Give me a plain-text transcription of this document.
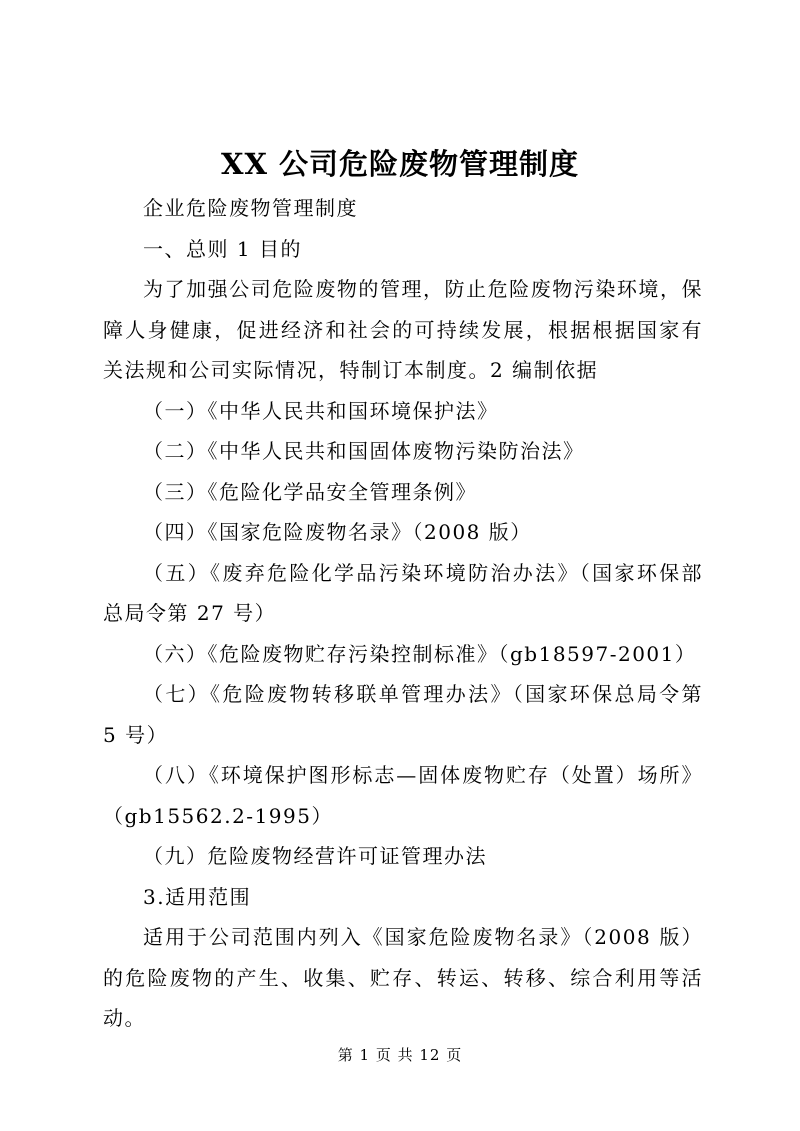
XX 公司危险废物管理制度

企业危险废物管理制度

一、总则 1 目的

为了加强公司危险废物的管理，防止危险废物污染环境，保障人身健康，促进经济和社会的可持续发展，根据根据国家有关法规和公司实际情况，特制订本制度。2 编制依据

（一）《中华人民共和国环境保护法》

（二）《中华人民共和国固体废物污染防治法》

（三）《危险化学品安全管理条例》

（四）《国家危险废物名录》（2008 版）

（五）《废弃危险化学品污染环境防治办法》（国家环保部总局令第 27 号）

（六）《危险废物贮存污染控制标准》（gb18597-2001）

（七）《危险废物转移联单管理办法》（国家环保总局令第 5 号）

（八）《环境保护图形标志—固体废物贮存（处置）场所》（gb15562.2-1995）

（九）危险废物经营许可证管理办法

3.适用范围

适用于公司范围内列入《国家危险废物名录》（2008 版）的危险废物的产生、收集、贮存、转运、转移、综合利用等活动。

第 1 页 共 12 页
